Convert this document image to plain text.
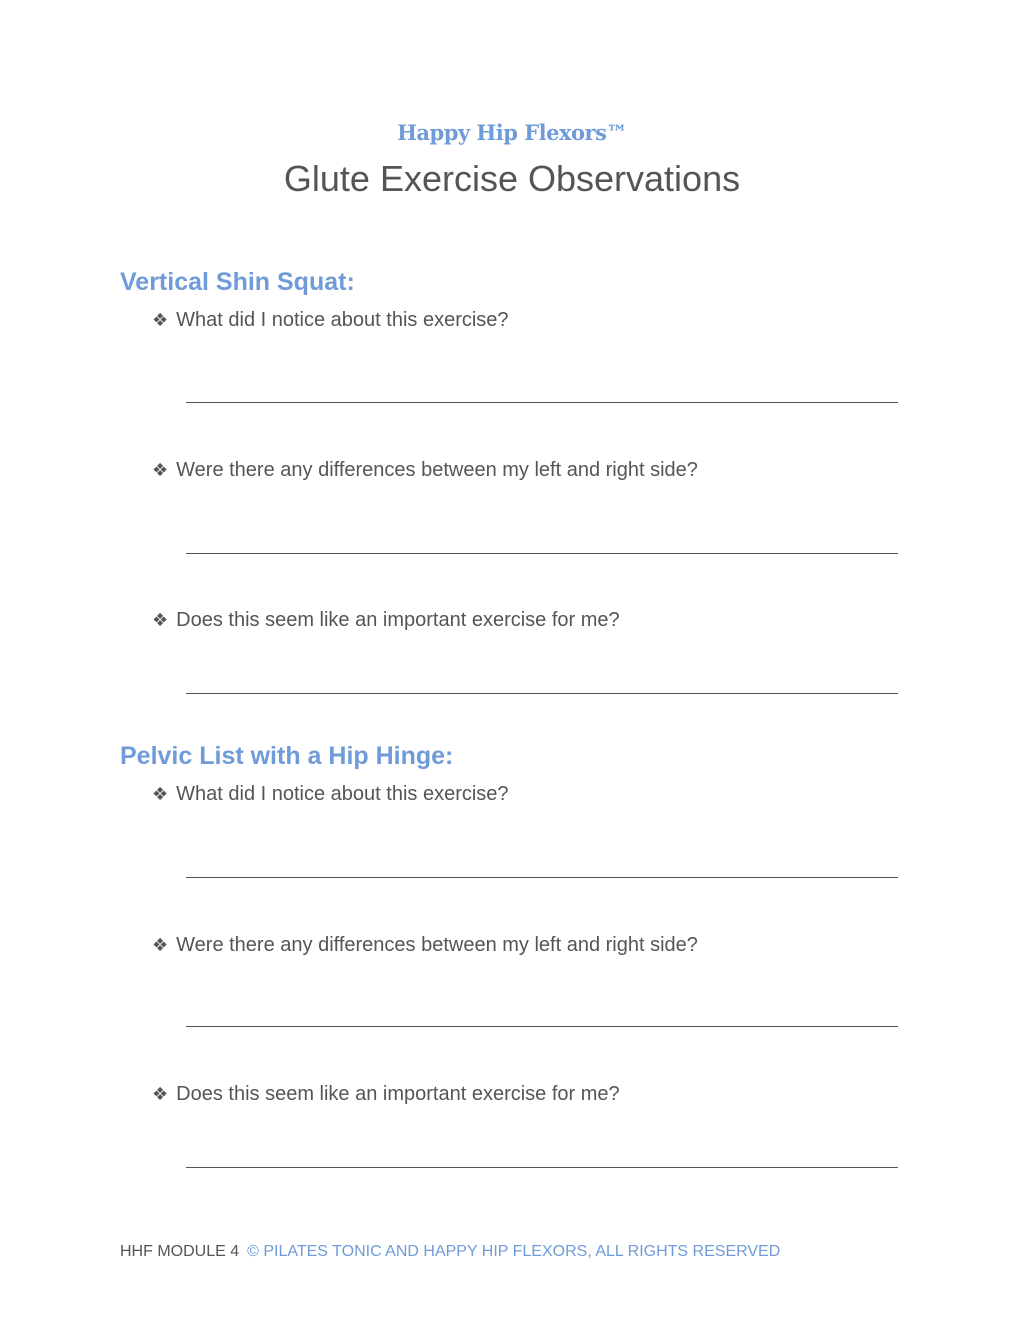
Happy Hip Flexors™
Glute Exercise Observations
Vertical Shin Squat:
❖ What did I notice about this exercise?
❖ Were there any differences between my left and right side?
❖ Does this seem like an important exercise for me?
Pelvic List with a Hip Hinge:
❖ What did I notice about this exercise?
❖ Were there any differences between my left and right side?
❖ Does this seem like an important exercise for me?
HHF MODULE 4 © PILATES TONIC AND HAPPY HIP FLEXORS, ALL RIGHTS RESERVED
